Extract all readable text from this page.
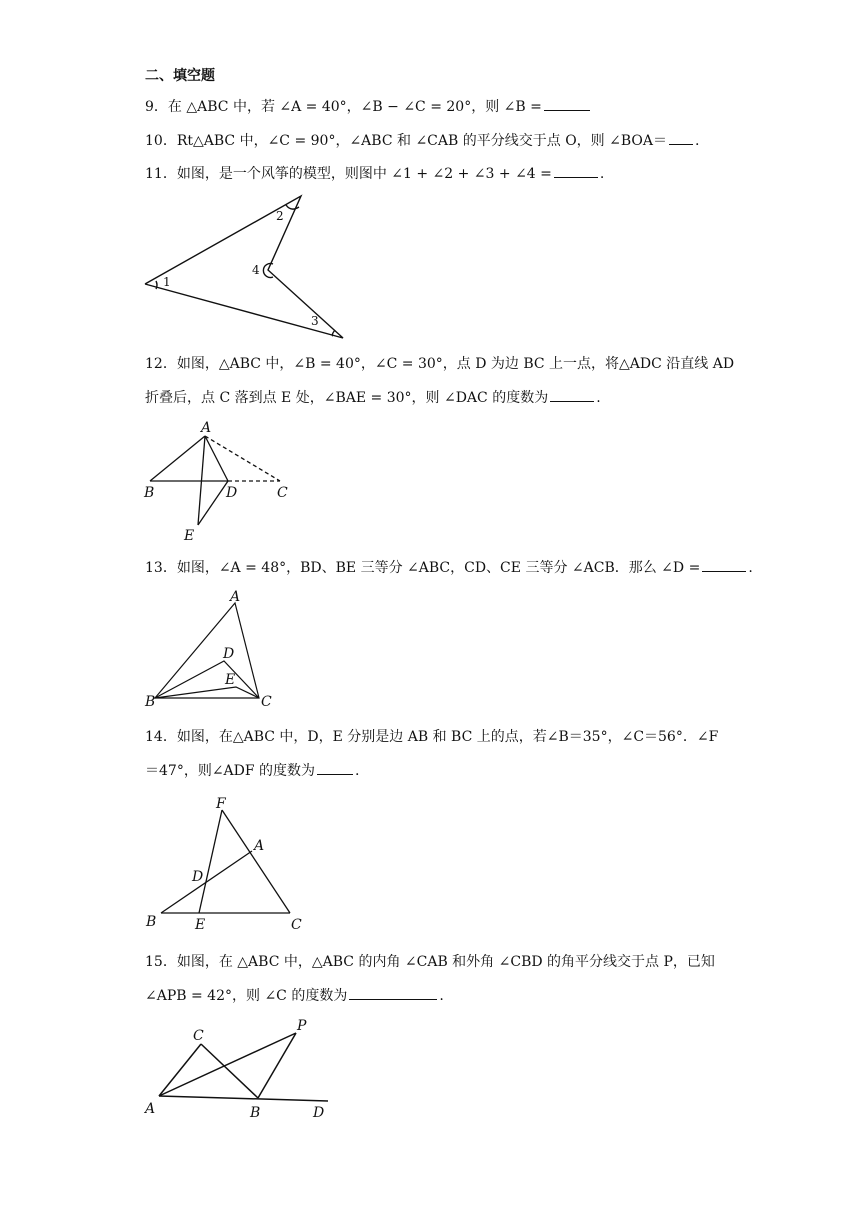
二、填空题
9．在 △ABC 中，若 ∠A = 40°，∠B − ∠C = 20°，则 ∠B =
10．Rt△ABC 中，∠C = 90°，∠ABC 和 ∠CAB 的平分线交于点 O，则 ∠BOA＝ .
11．如图，是一个风筝的模型，则图中 ∠1 + ∠2 + ∠3 + ∠4 =	.
1
2
3
4
12．如图，△ABC 中，∠B = 40°，∠C = 30°，点 D 为边 BC 上一点，将△ADC 沿直线 AD
折叠后，点 C 落到点 E 处，∠BAE = 30°，则 ∠DAC 的度数为	.
A
B	C
D
E
13．如图，∠A = 48°，BD、BE 三等分 ∠ABC，CD、CE 三等分 ∠ACB．那么 ∠D =	.
A
B	C
D
E
14．如图，在△ABC 中，D，E 分别是边 AB 和 BC 上的点，若∠B＝35°，∠C＝56°．∠F
＝47°，则∠ADF 的度数为	.
F
A
D
B	E	C
15．如图，在 △ABC 中，△ABC 的内角 ∠CAB 和外角 ∠CBD 的角平分线交于点 P，已知
∠APB = 42°，则 ∠C 的度数为	.
C
P
A	B	D
